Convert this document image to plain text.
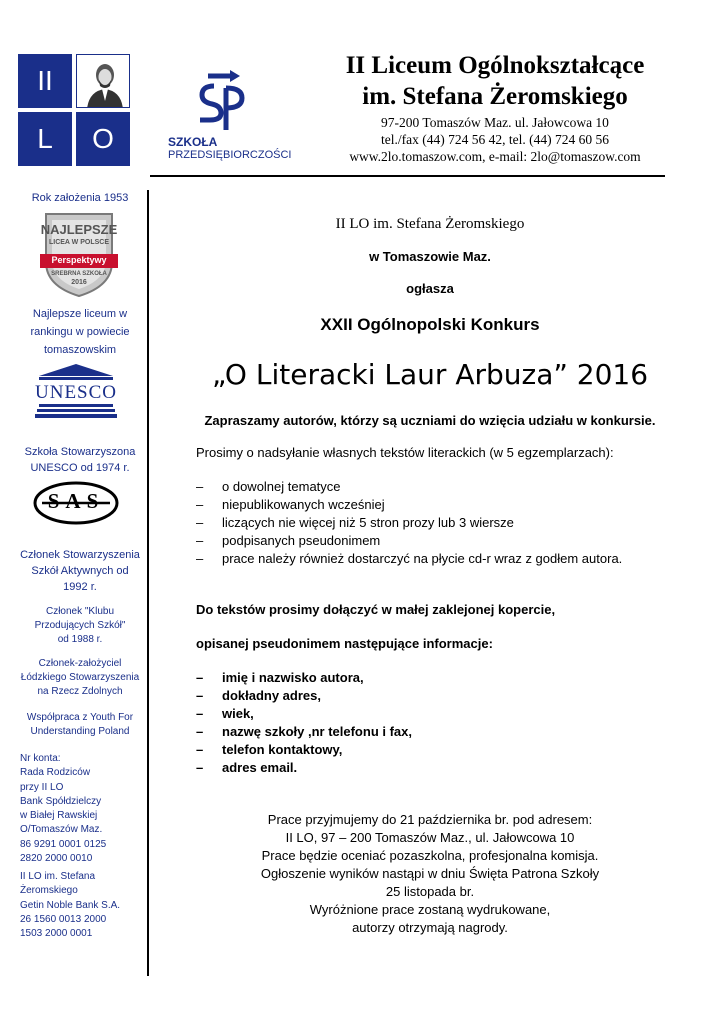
II
L	O	SZKOŁA
PRZEDSIĘBIORCZOŚCI
II Liceum Ogólnokształcące
im. Stefana Żeromskiego
97-200 Tomaszów Maz. ul. Jałowcowa 10
tel./fax (44) 724 56 42, tel. (44) 724 60 56
www.2lo.tomaszow.com, e-mail: 2lo@tomaszow.com
Rok założenia 1953
NAJLEPSZE
LICEA W POLSCE
Perspektywy
SREBRNA SZKOŁA
2016
Najlepsze liceum w
rankingu w powiecie
tomaszowskim
UNESCO
Szkoła Stowarzyszona
UNESCO od 1974 r.
SAS
Członek Stowarzyszenia
Szkół Aktywnych od
1992 r.
Członek "Klubu
Przodujących Szkół"
od 1988 r.
Członek-założyciel
Łódzkiego Stowarzyszenia
na Rzecz Zdolnych
Współpraca z Youth For
Understanding Poland
Nr konta:
Rada Rodziców
przy II LO
Bank Spółdzielczy
w Białej Rawskiej
O/Tomaszów Maz.
86 9291 0001 0125
2820 2000 0010
II LO im. Stefana
Żeromskiego
Getin Noble Bank S.A.
26 1560 0013 2000
1503 2000 0001
II LO im. Stefana Żeromskiego
w Tomaszowie Maz.
ogłasza
XXII Ogólnopolski Konkurs
„O Literacki Laur Arbuza” 2016
Zapraszamy autorów, którzy są uczniami do wzięcia udziału w konkursie.
Prosimy o nadsyłanie własnych tekstów literackich (w 5 egzemplarzach):
– o dowolnej tematyce
– niepublikowanych wcześniej
– liczących nie więcej niż 5 stron prozy lub 3 wiersze
– podpisanych pseudonimem
– prace należy również dostarczyć na płycie cd-r wraz z godłem autora.
Do tekstów prosimy dołączyć w małej zaklejonej kopercie,
opisanej pseudonimem następujące informacje:
– imię i nazwisko autora,
– dokładny adres,
– wiek,
– nazwę szkoły ,nr telefonu i fax,
– telefon kontaktowy,
– adres email.
Prace przyjmujemy do 21 października br. pod adresem:
II LO, 97 – 200 Tomaszów Maz., ul. Jałowcowa 10
Prace będzie oceniać pozaszkolna, profesjonalna komisja.
Ogłoszenie wyników nastąpi w dniu Święta Patrona Szkoły
25 listopada br.
Wyróżnione prace zostaną wydrukowane,
autorzy otrzymają nagrody.
